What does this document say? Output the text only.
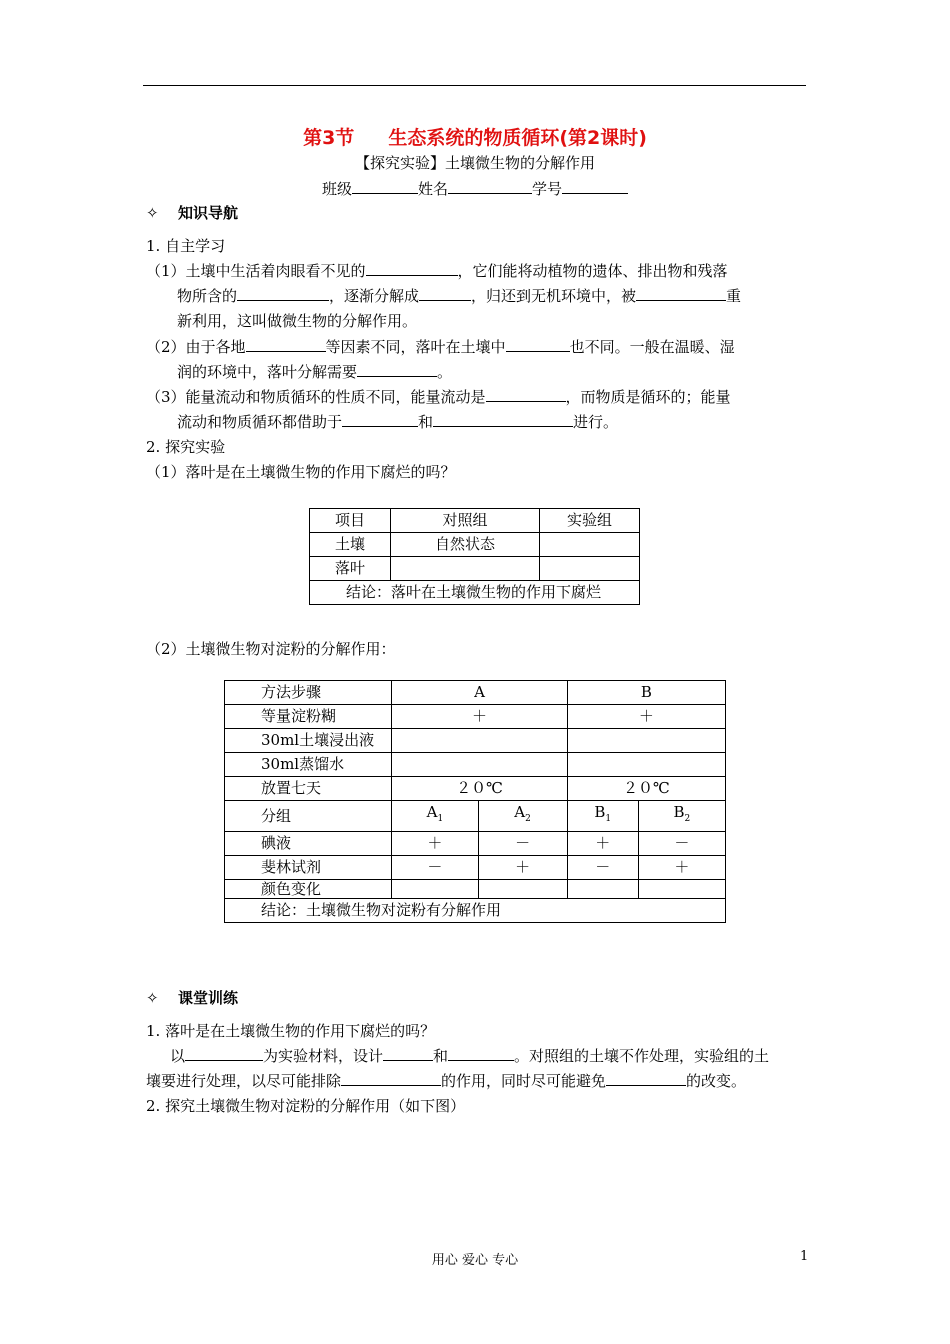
第3节 生态系统的物质循环(第2课时)
【探究实验】土壤微生物的分解作用
班级	姓名	学号
✧ 知识导航
1. 自主学习
（1）土壤中生活着肉眼看不见的	，它们能将动植物的遗体、排出物和残落
物所含的	，逐渐分解成	，归还到无机环境中，被	重
新利用，这叫做微生物的分解作用。
（2）由于各地	等因素不同，落叶在土壤中	也不同。一般在温暖、湿
润的环境中，落叶分解需要	。
（3）能量流动和物质循环的性质不同，能量流动是	，而物质是循环的；能量
流动和物质循环都借助于	和	进行。
2. 探究实验
（1）落叶是在土壤微生物的作用下腐烂的吗？
项目	对照组	实验组
土壤	自然状态	
落叶		
结论：落叶在土壤微生物的作用下腐烂		
（2）土壤微生物对淀粉的分解作用：
方法步骤	A		B	
等量淀粉糊	＋		＋	
30ml土壤浸出液				
30ml蒸馏水				
放置七天	２０℃		２０℃	
分组	$A_1$	$A_2$	$B_1$	$B_2$
碘液	＋	－	＋	－
斐林试剂	－	＋	－	＋
颜色变化				
结论：土壤微生物对淀粉有分解作用				
✧ 课堂训练
1. 落叶是在土壤微生物的作用下腐烂的吗？
以	为实验材料，设计	和	。对照组的土壤不作处理，实验组的土
壤要进行处理，以尽可能排除	的作用，同时尽可能避免	的改变。
2. 探究土壤微生物对淀粉的分解作用（如下图）
用心 爱心 专心	1
